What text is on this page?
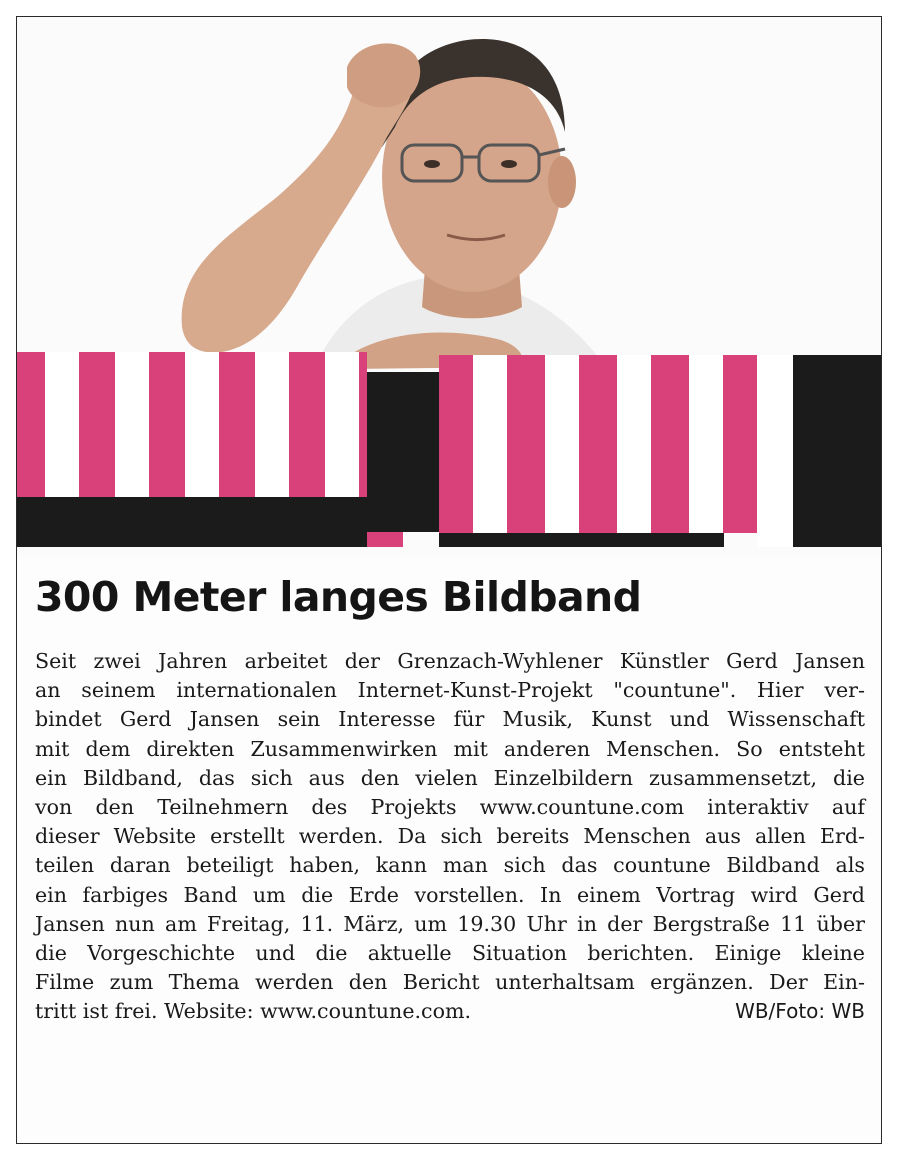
300 Meter langes Bildband
Seit zwei Jahren arbeitet der Grenzach-Wyhlener Künstler Gerd Jansen
an seinem internationalen Internet-Kunst-Projekt "countune". Hier ver-
bindet Gerd Jansen sein Interesse für Musik, Kunst und Wissenschaft
mit dem direkten Zusammenwirken mit anderen Menschen. So entsteht
ein Bildband, das sich aus den vielen Einzelbildern zusammensetzt, die
von den Teilnehmern des Projekts www.countune.com interaktiv auf
dieser Website erstellt werden. Da sich bereits Menschen aus allen Erd-
teilen daran beteiligt haben, kann man sich das countune Bildband als
ein farbiges Band um die Erde vorstellen. In einem Vortrag wird Gerd
Jansen nun am Freitag, 11. März, um 19.30 Uhr in der Bergstraße 11 über
die Vorgeschichte und die aktuelle Situation berichten. Einige kleine
Filme zum Thema werden den Bericht unterhaltsam ergänzen. Der Ein-
tritt ist frei. Website: www.countune.com.	WB/Foto: WB
